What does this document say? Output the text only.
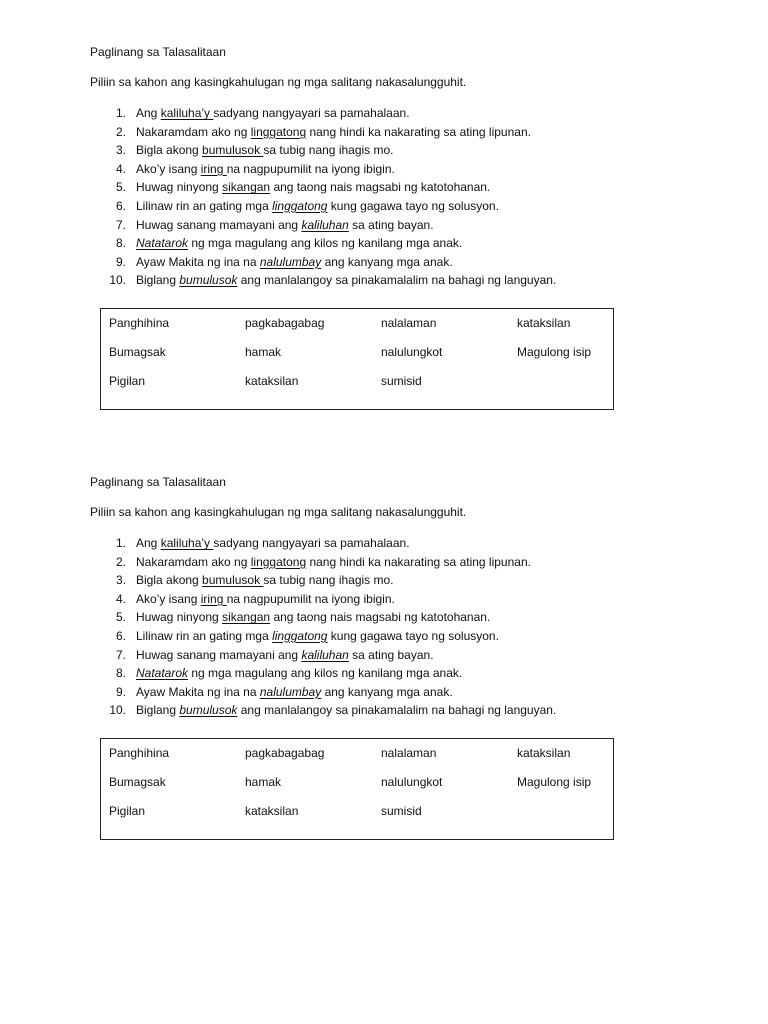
Paglinang sa Talasalitaan
Piliin sa kahon ang kasingkahulugan ng mga salitang nakasalungguhit.
1. Ang kaliluha’y sadyang nangyayari sa pamahalaan.
2. Nakaramdam ako ng linggatong nang hindi ka nakarating sa ating lipunan.
3. Bigla akong bumulusok sa tubig nang ihagis mo.
4. Ako’y isang iring na nagpupumilit na iyong ibigin.
5. Huwag ninyong sikangan ang taong nais magsabi ng katotohanan.
6. Lilinaw rin an gating mga linggatong kung gagawa tayo ng solusyon.
7. Huwag sanang mamayani ang kaliluhan sa ating bayan.
8. Natatarok ng mga magulang ang kilos ng kanilang mga anak.
9. Ayaw Makita ng ina na nalulumbay ang kanyang mga anak.
10. Biglang bumulusok ang manlalangoy sa pinakamalalim na bahagi ng languyan.
Panghihina	pagkabagabag	nalalaman	kataksilan
Bumagsak	hamak	nalulungkot	Magulong isip
Pigilan	kataksilan	sumisid
Paglinang sa Talasalitaan
Piliin sa kahon ang kasingkahulugan ng mga salitang nakasalungguhit.
1. Ang kaliluha’y sadyang nangyayari sa pamahalaan.
2. Nakaramdam ako ng linggatong nang hindi ka nakarating sa ating lipunan.
3. Bigla akong bumulusok sa tubig nang ihagis mo.
4. Ako’y isang iring na nagpupumilit na iyong ibigin.
5. Huwag ninyong sikangan ang taong nais magsabi ng katotohanan.
6. Lilinaw rin an gating mga linggatong kung gagawa tayo ng solusyon.
7. Huwag sanang mamayani ang kaliluhan sa ating bayan.
8. Natatarok ng mga magulang ang kilos ng kanilang mga anak.
9. Ayaw Makita ng ina na nalulumbay ang kanyang mga anak.
10. Biglang bumulusok ang manlalangoy sa pinakamalalim na bahagi ng languyan.
Panghihina	pagkabagabag	nalalaman	kataksilan
Bumagsak	hamak	nalulungkot	Magulong isip
Pigilan	kataksilan	sumisid
